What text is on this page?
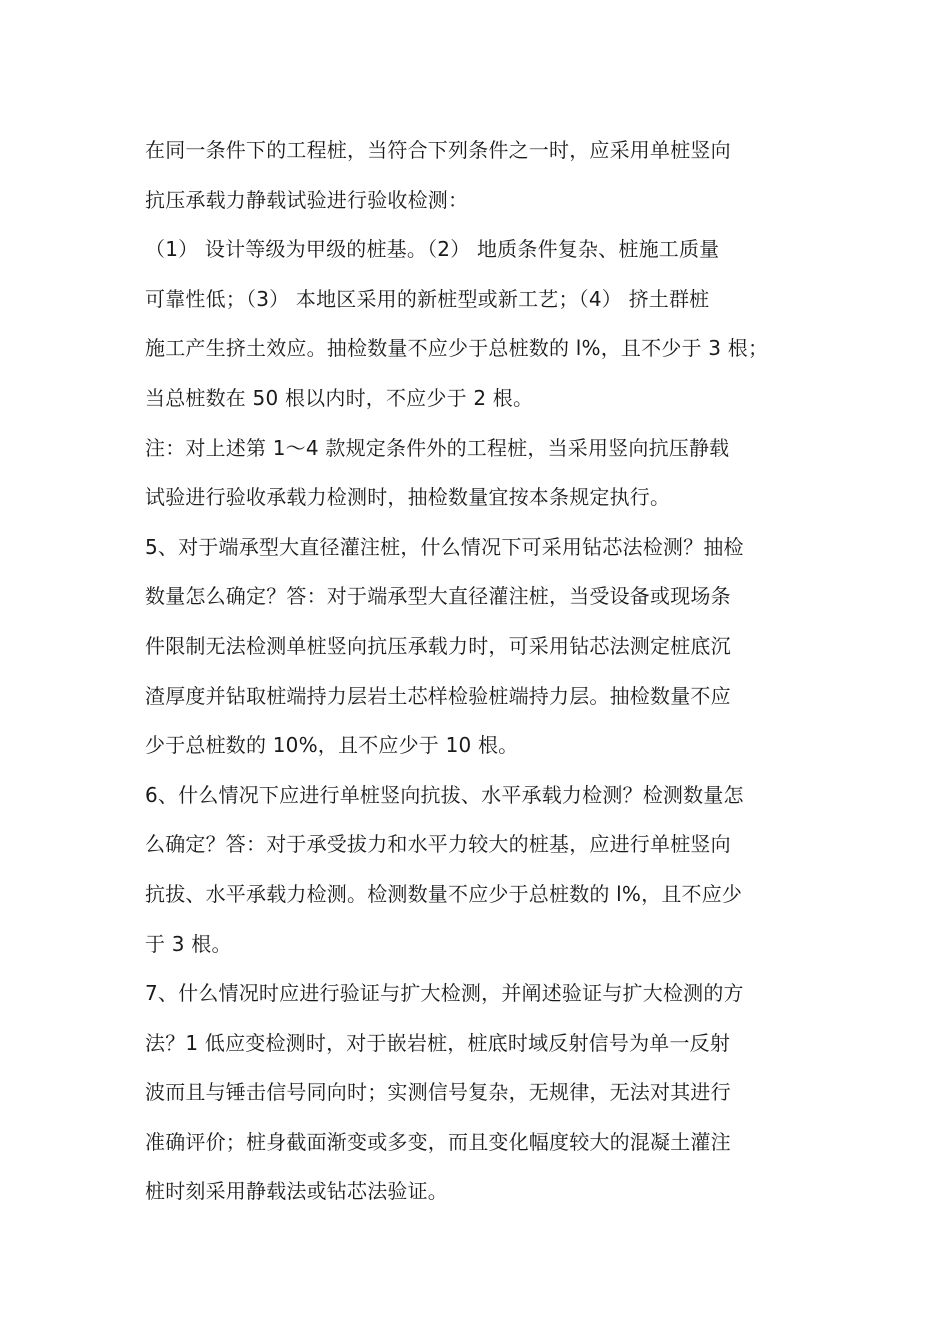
在同一条件下的工程桩，当符合下列条件之一时，应采用单桩竖向
抗压承载力静载试验进行验收检测：
（1） 设计等级为甲级的桩基。（2） 地质条件复杂、桩施工质量
可靠性低；（3） 本地区采用的新桩型或新工艺；（4） 挤土群桩
施工产生挤土效应。抽检数量不应少于总桩数的 l%，且不少于 3 根；
当总桩数在 50 根以内时，不应少于 2 根。
注：对上述第 1～4 款规定条件外的工程桩，当采用竖向抗压静载
试验进行验收承载力检测时，抽检数量宜按本条规定执行。
5、对于端承型大直径灌注桩，什么情况下可采用钻芯法检测？抽检
数量怎么确定？答：对于端承型大直径灌注桩，当受设备或现场条
件限制无法检测单桩竖向抗压承载力时，可采用钻芯法测定桩底沉
渣厚度并钻取桩端持力层岩土芯样检验桩端持力层。抽检数量不应
少于总桩数的 10%，且不应少于 10 根。
6、什么情况下应进行单桩竖向抗拔、水平承载力检测？检测数量怎
么确定？答：对于承受拔力和水平力较大的桩基，应进行单桩竖向
抗拔、水平承载力检测。检测数量不应少于总桩数的 l%，且不应少
于 3 根。
7、什么情况时应进行验证与扩大检测，并阐述验证与扩大检测的方
法？1 低应变检测时，对于嵌岩桩，桩底时域反射信号为单一反射
波而且与锤击信号同向时；实测信号复杂，无规律，无法对其进行
准确评价；桩身截面渐变或多变，而且变化幅度较大的混凝土灌注
桩时刻采用静载法或钻芯法验证。
